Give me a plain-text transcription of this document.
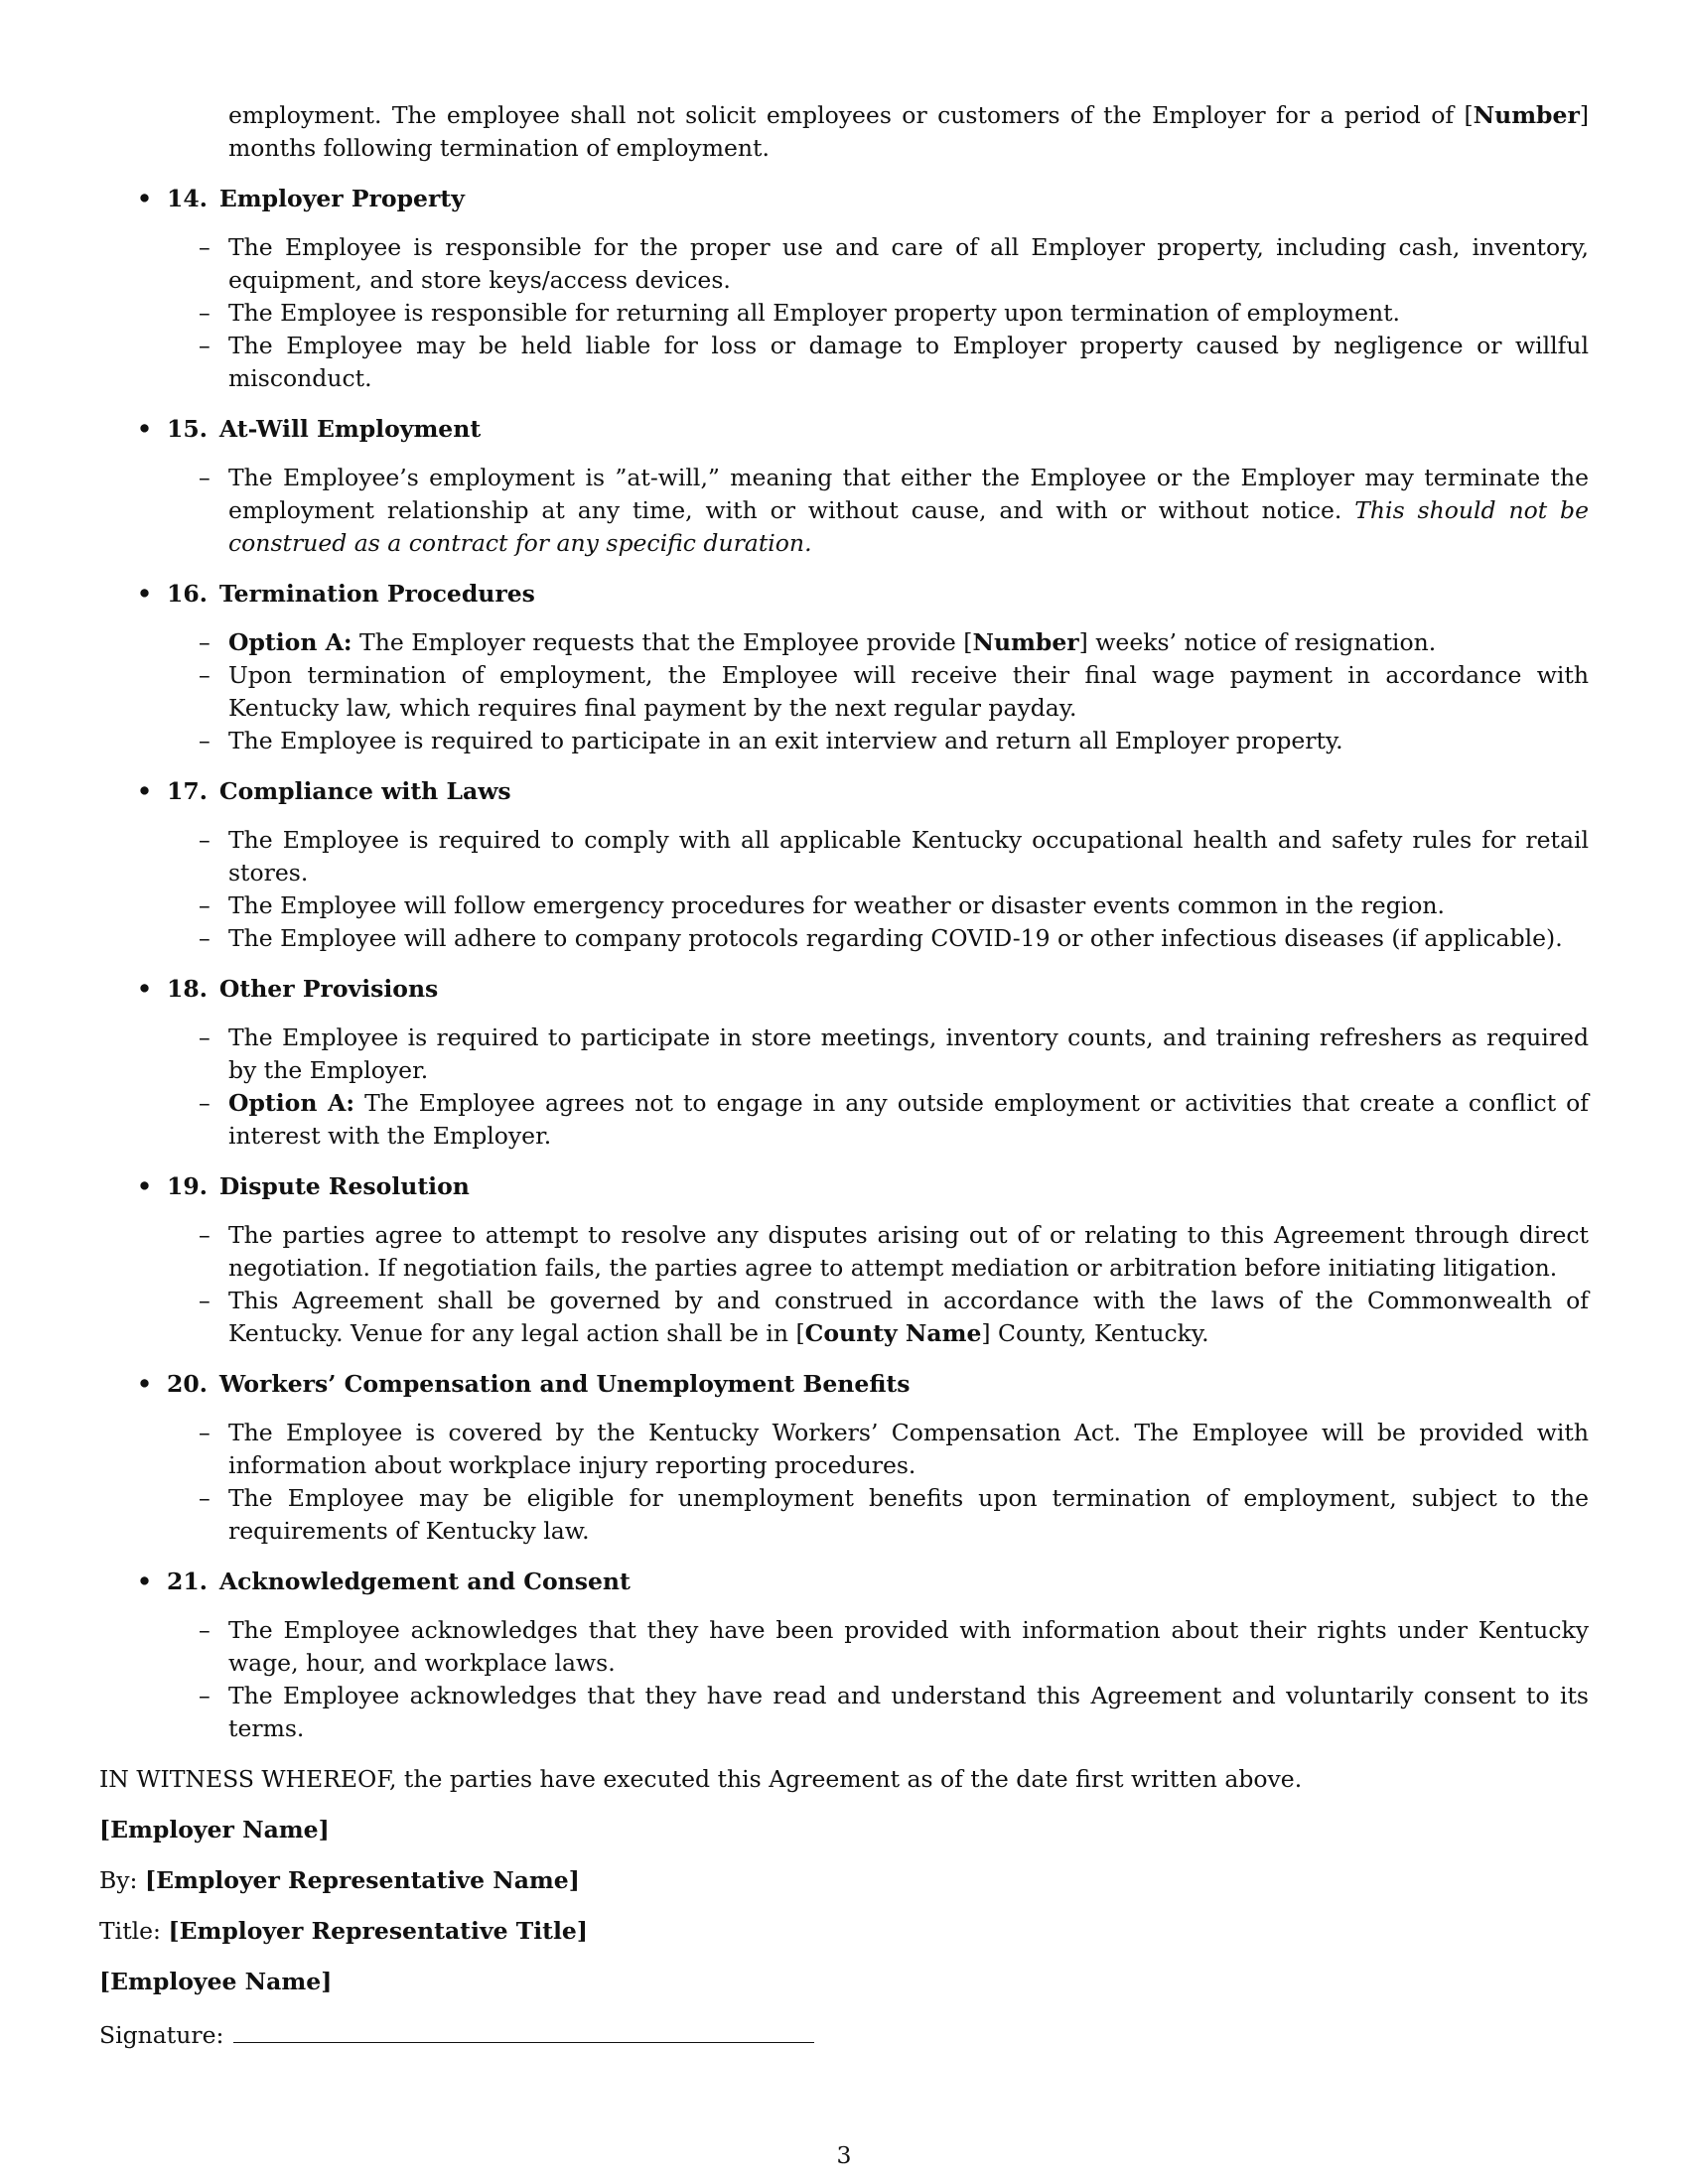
employment. The employee shall not solicit employees or customers of the Employer for a period of [Number] months following termination of employment.

• 14. Employer Property
– The Employee is responsible for the proper use and care of all Employer property, including cash, inventory, equipment, and store keys/access devices.
– The Employee is responsible for returning all Employer property upon termination of employment.
– The Employee may be held liable for loss or damage to Employer property caused by negligence or willful misconduct.
• 15. At-Will Employment
– The Employee’s employment is ”at-will,” meaning that either the Employee or the Employer may terminate the employment relationship at any time, with or without cause, and with or without notice. This should not be construed as a contract for any specific duration.
• 16. Termination Procedures
– Option A: The Employer requests that the Employee provide [Number] weeks’ notice of resignation.
– Upon termination of employment, the Employee will receive their final wage payment in accordance with Kentucky law, which requires final payment by the next regular payday.
– The Employee is required to participate in an exit interview and return all Employer property.
• 17. Compliance with Laws
– The Employee is required to comply with all applicable Kentucky occupational health and safety rules for retail stores.
– The Employee will follow emergency procedures for weather or disaster events common in the region.
– The Employee will adhere to company protocols regarding COVID-19 or other infectious diseases (if applicable).
• 18. Other Provisions
– The Employee is required to participate in store meetings, inventory counts, and training refreshers as required by the Employer.
– Option A: The Employee agrees not to engage in any outside employment or activities that create a conflict of interest with the Employer.
• 19. Dispute Resolution
– The parties agree to attempt to resolve any disputes arising out of or relating to this Agreement through direct negotiation. If negotiation fails, the parties agree to attempt mediation or arbitration before initiating litigation.
– This Agreement shall be governed by and construed in accordance with the laws of the Commonwealth of Kentucky. Venue for any legal action shall be in [County Name] County, Kentucky.
• 20. Workers’ Compensation and Unemployment Benefits
– The Employee is covered by the Kentucky Workers’ Compensation Act. The Employee will be provided with information about workplace injury reporting procedures.
– The Employee may be eligible for unemployment benefits upon termination of employment, subject to the requirements of Kentucky law.
• 21. Acknowledgement and Consent
– The Employee acknowledges that they have been provided with information about their rights under Kentucky wage, hour, and workplace laws.
– The Employee acknowledges that they have read and understand this Agreement and voluntarily consent to its terms.

IN WITNESS WHEREOF, the parties have executed this Agreement as of the date first written above.

[Employer Name]

By: [Employer Representative Name]

Title: [Employer Representative Title]

[Employee Name]

Signature:

3
